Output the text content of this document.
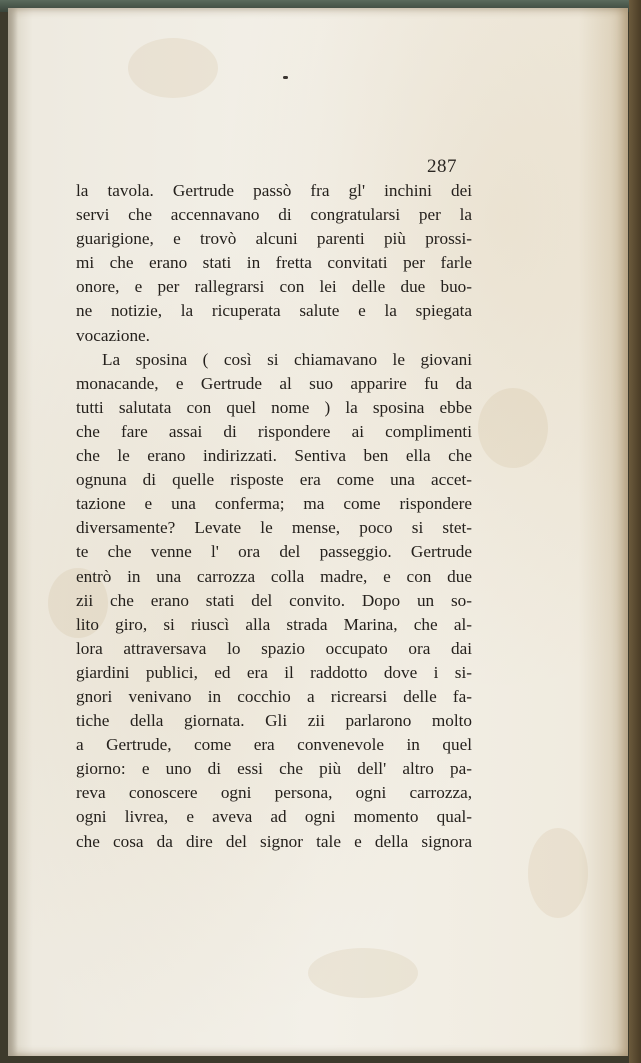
287
la tavola. Gertrude passò fra gl' inchini dei
servi che accennavano di congratularsi per la
guarigione, e trovò alcuni parenti più prossi-
mi che erano stati in fretta convitati per farle
onore, e per rallegrarsi con lei delle due buo-
ne notizie, la ricuperata salute e la spiegata
vocazione.
La sposina ( così si chiamavano le giovani
monacande, e Gertrude al suo apparire fu da
tutti salutata con quel nome ) la sposina ebbe
che fare assai di rispondere ai complimenti
che le erano indirizzati. Sentiva ben ella che
ognuna di quelle risposte era come una accet-
tazione e una conferma; ma come rispondere
diversamente? Levate le mense, poco si stet-
te che venne l' ora del passeggio. Gertrude
entrò in una carrozza colla madre, e con due
zii che erano stati del convito. Dopo un so-
lito giro, si riuscì alla strada Marina, che al-
lora attraversava lo spazio occupato ora dai
giardini publici, ed era il raddotto dove i si-
gnori venivano in cocchio a ricrearsi delle fa-
tiche della giornata. Gli zii parlarono molto
a Gertrude, come era convenevole in quel
giorno: e uno di essi che più dell' altro pa-
reva conoscere ogni persona, ogni carrozza,
ogni livrea, e aveva ad ogni momento qual-
che cosa da dire del signor tale e della signora
